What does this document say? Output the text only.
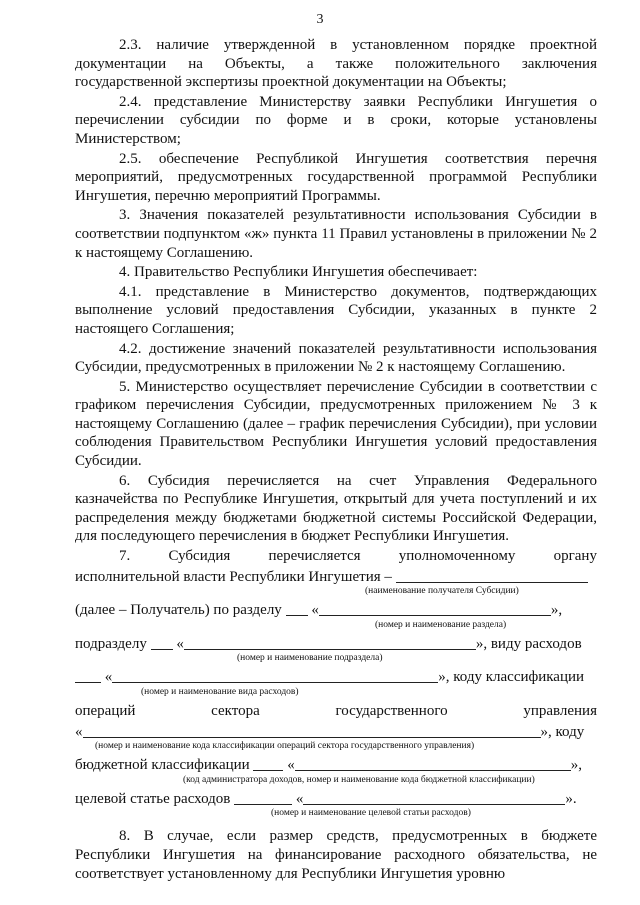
3

2.3. наличие утвержденной в установленном порядке проектной документации на Объекты, а также положительного заключения государственной экспертизы проектной документации на Объекты;

2.4. представление Министерству заявки Республики Ингушетия о перечислении субсидии по форме и в сроки, которые установлены Министерством;

2.5. обеспечение Республикой Ингушетия соответствия перечня мероприятий, предусмотренных государственной программой Республики Ингушетия, перечню мероприятий Программы.

3. Значения показателей результативности использования Субсидии в соответствии подпунктом «ж» пункта 11 Правил установлены в приложении № 2 к настоящему Соглашению.

4. Правительство Республики Ингушетия обеспечивает:

4.1. представление в Министерство документов, подтверждающих выполнение условий предоставления Субсидии, указанных в пункте 2 настоящего Соглашения;

4.2. достижение значений показателей результативности использования Субсидии, предусмотренных в приложении № 2 к настоящему Соглашению.

5. Министерство осуществляет перечисление Субсидии в соответствии с графиком перечисления Субсидии, предусмотренных приложением № 3 к настоящему Соглашению (далее – график перечисления Субсидии), при условии соблюдения Правительством Республики Ингушетия условий предоставления Субсидии.

6. Субсидия перечисляется на счет Управления Федерального казначейства по Республике Ингушетия, открытый для учета поступлений и их распределения между бюджетами бюджетной системы Российской Федерации, для последующего перечисления в бюджет Республики Ингушетия.

7.	Субсидия	перечисляется	уполномоченному	органу
исполнительной власти Республики Ингушетия –
(наименование получателя Субсидии)
(далее – Получатель) по разделу «	»,
(номер и наименование раздела)
подразделу «	», виду расходов
(номер и наименование подраздела)
«	», коду классификации
(номер и наименование вида расходов)
операций	сектора	государственного	управления
«	», коду
(номер и наименование кода классификации операций сектора государственного управления)
бюджетной классификации	«	»,
(код администратора доходов, номер и наименование кода бюджетной классификации)
целевой статье расходов	«	».
(номер и наименование целевой статьи расходов)

8. В случае, если размер средств, предусмотренных в бюджете Республики Ингушетия на финансирование расходного обязательства, не соответствует установленному для Республики Ингушетия уровню
